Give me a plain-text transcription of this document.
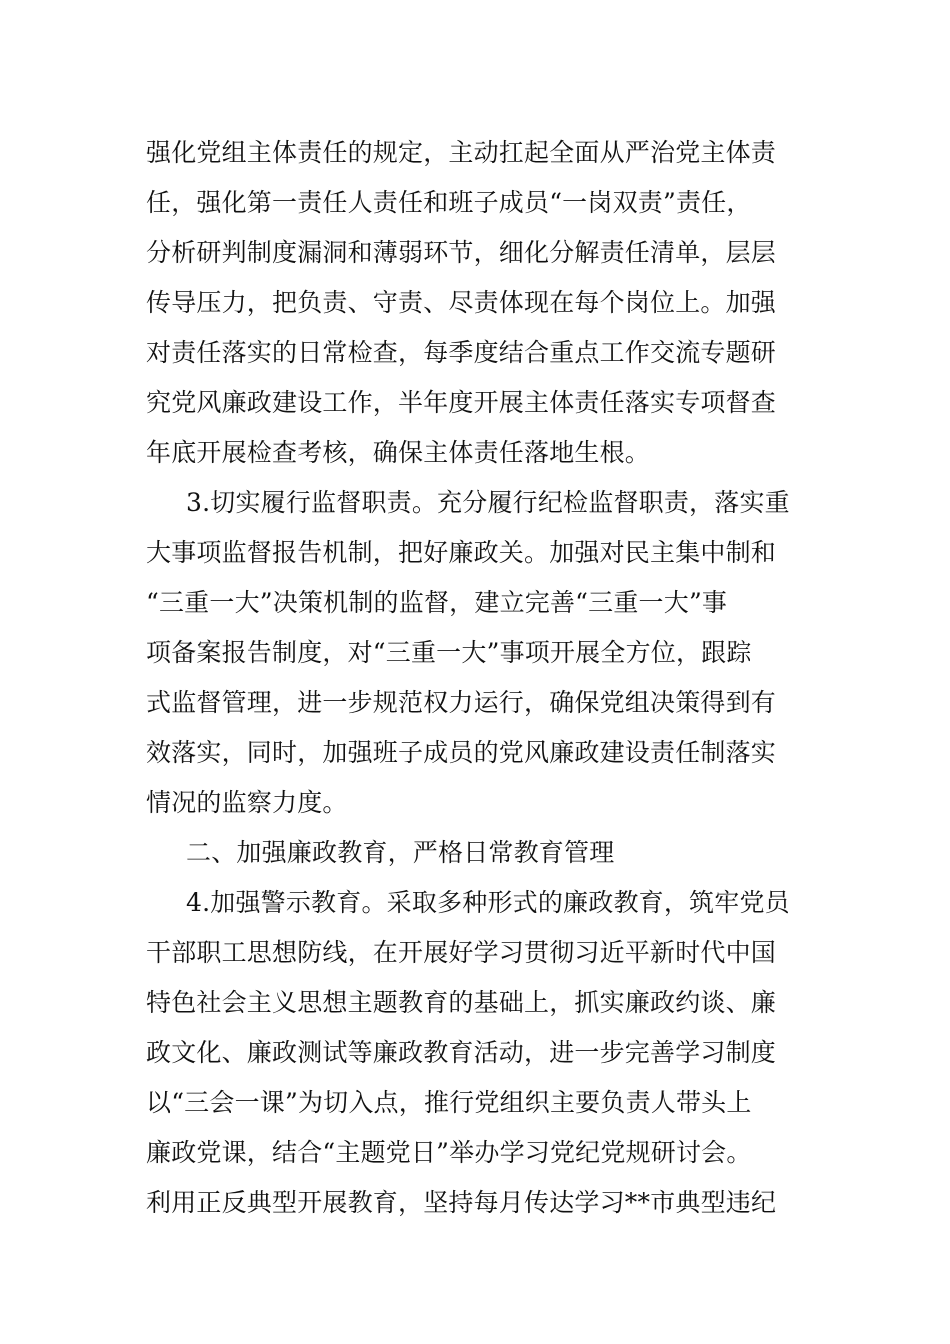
强化党组主体责任的规定，主动扛起全面从严治党主体责
任，强化第一责任人责任和班子成员“一岗双责”责任，
分析研判制度漏洞和薄弱环节，细化分解责任清单，层层
传导压力，把负责、守责、尽责体现在每个岗位上。加强
对责任落实的日常检查，每季度结合重点工作交流专题研
究党风廉政建设工作，半年度开展主体责任落实专项督查
年底开展检查考核，确保主体责任落地生根。
3.切实履行监督职责。充分履行纪检监督职责，落实重
大事项监督报告机制，把好廉政关。加强对民主集中制和
“三重一大”决策机制的监督，建立完善“三重一大”事
项备案报告制度，对“三重一大”事项开展全方位，跟踪
式监督管理，进一步规范权力运行，确保党组决策得到有
效落实，同时，加强班子成员的党风廉政建设责任制落实
情况的监察力度。
二、加强廉政教育，严格日常教育管理
4.加强警示教育。采取多种形式的廉政教育，筑牢党员
干部职工思想防线，在开展好学习贯彻习近平新时代中国
特色社会主义思想主题教育的基础上，抓实廉政约谈、廉
政文化、廉政测试等廉政教育活动，进一步完善学习制度
以“三会一课”为切入点，推行党组织主要负责人带头上
廉政党课，结合“主题党日”举办学习党纪党规研讨会。
利用正反典型开展教育，坚持每月传达学习**市典型违纪
